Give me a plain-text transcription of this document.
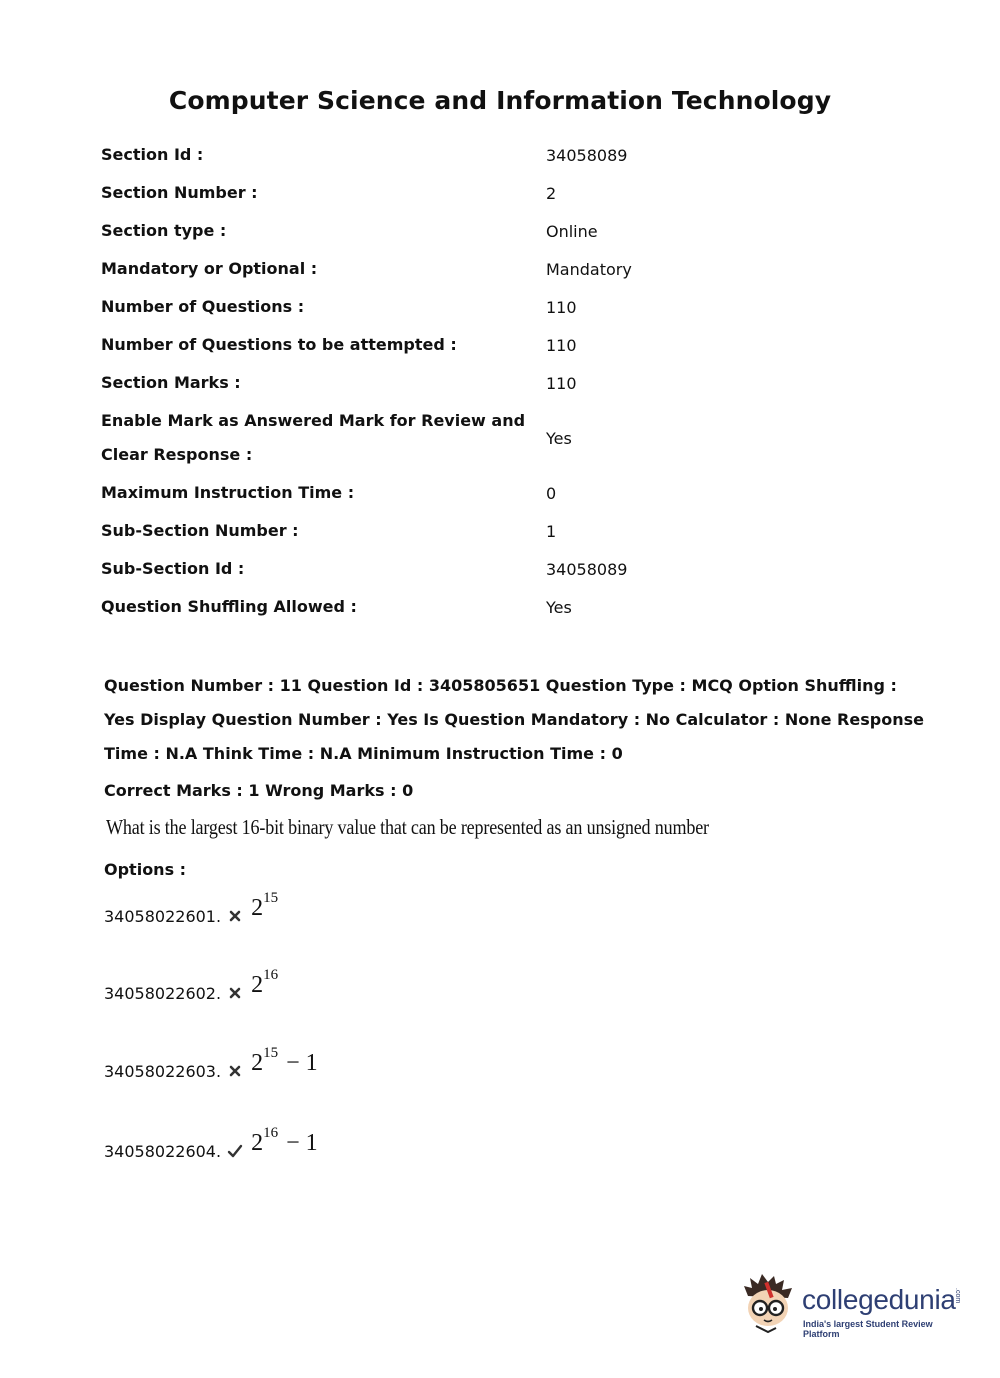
Computer Science and Information Technology
Section Id :	34058089
Section Number :	2
Section type :	Online
Mandatory or Optional :	Mandatory
Number of Questions :	110
Number of Questions to be attempted :	110
Section Marks :	110
Enable Mark as Answered Mark for Review and Clear Response :
Yes
Maximum Instruction Time :	0
Sub-Section Number :	1
Sub-Section Id :	34058089
Question Shuffling Allowed :	Yes
Question Number : 11 Question Id : 3405805651 Question Type : MCQ Option Shuffling : Yes Display Question Number : Yes Is Question Mandatory : No Calculator : None Response Time : N.A Think Time : N.A Minimum Instruction Time : 0
Correct Marks : 1 Wrong Marks : 0
What is the largest 16-bit binary value that can be represented as an unsigned number
Options :
34058022601. $2^{15}$
34058022602. $2^{16}$
34058022603. $2^{15} - 1$
34058022604. $2^{16} - 1$
collegedunia
.com
India's largest Student Review Platform
